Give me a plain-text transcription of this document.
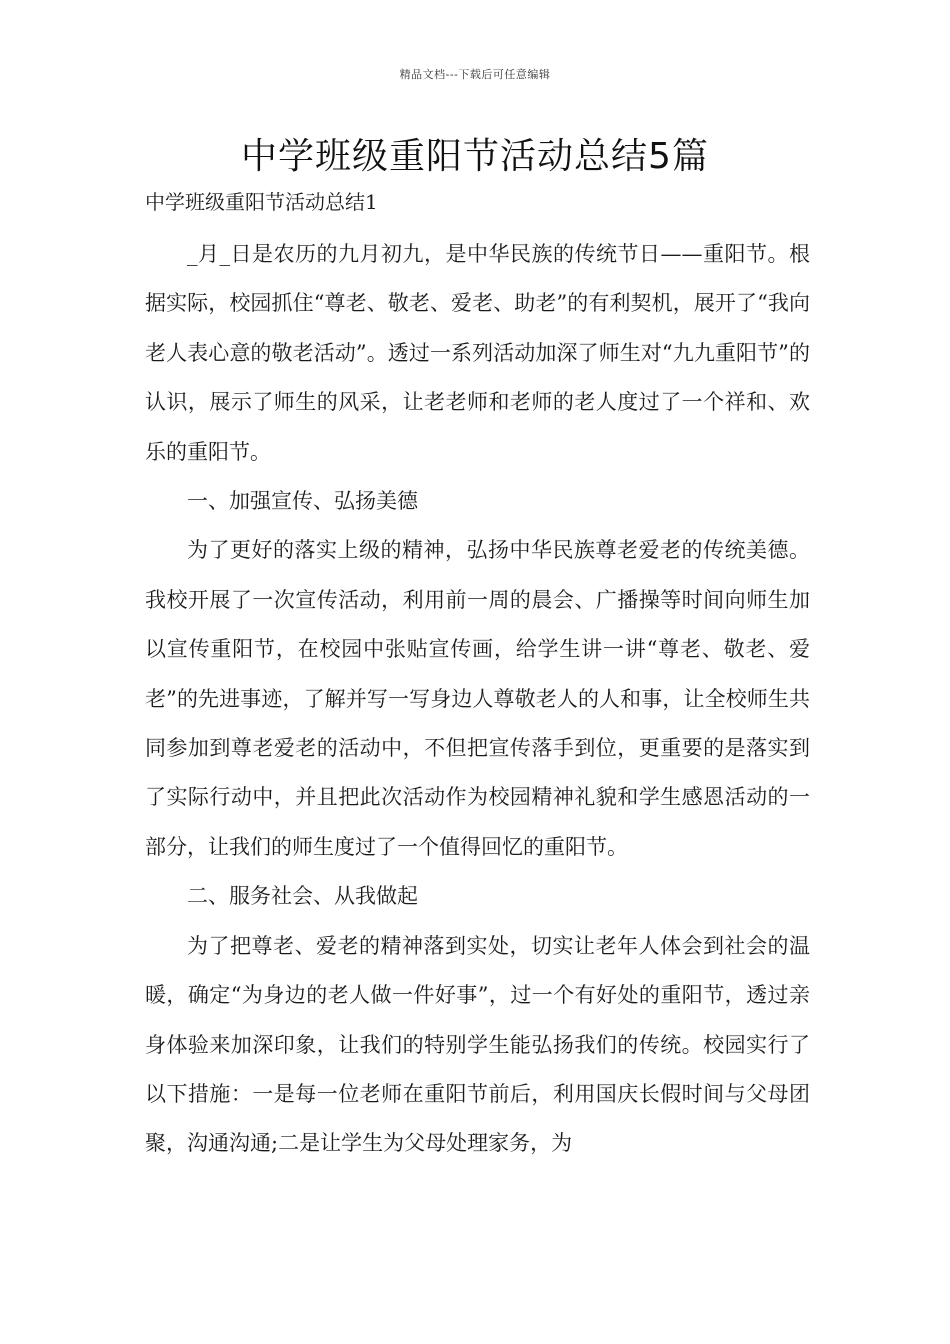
精品文档---下载后可任意编辑
中学班级重阳节活动总结5篇
中学班级重阳节活动总结1

_月_日是农历的九月初九，是中华民族的传统节日——重阳节。根据实际，校园抓住“尊老、敬老、爱老、助老”的有利契机，展开了“我向老人表心意的敬老活动”。透过一系列活动加深了师生对“九九重阳节”的认识，展示了师生的风采，让老老师和老师的老人度过了一个祥和、欢乐的重阳节。

一、加强宣传、弘扬美德

为了更好的落实上级的精神，弘扬中华民族尊老爱老的传统美德。我校开展了一次宣传活动，利用前一周的晨会、广播操等时间向师生加以宣传重阳节，在校园中张贴宣传画，给学生讲一讲“尊老、敬老、爱老”的先进事迹，了解并写一写身边人尊敬老人的人和事，让全校师生共同参加到尊老爱老的活动中，不但把宣传落手到位，更重要的是落实到了实际行动中，并且把此次活动作为校园精神礼貌和学生感恩活动的一部分，让我们的师生度过了一个值得回忆的重阳节。

二、服务社会、从我做起

为了把尊老、爱老的精神落到实处，切实让老年人体会到社会的温暖，确定“为身边的老人做一件好事”，过一个有好处的重阳节，透过亲身体验来加深印象，让我们的特别学生能弘扬我们的传统。校园实行了以下措施：一是每一位老师在重阳节前后，利用国庆长假时间与父母团聚，沟通沟通;二是让学生为父母处理家务，为
